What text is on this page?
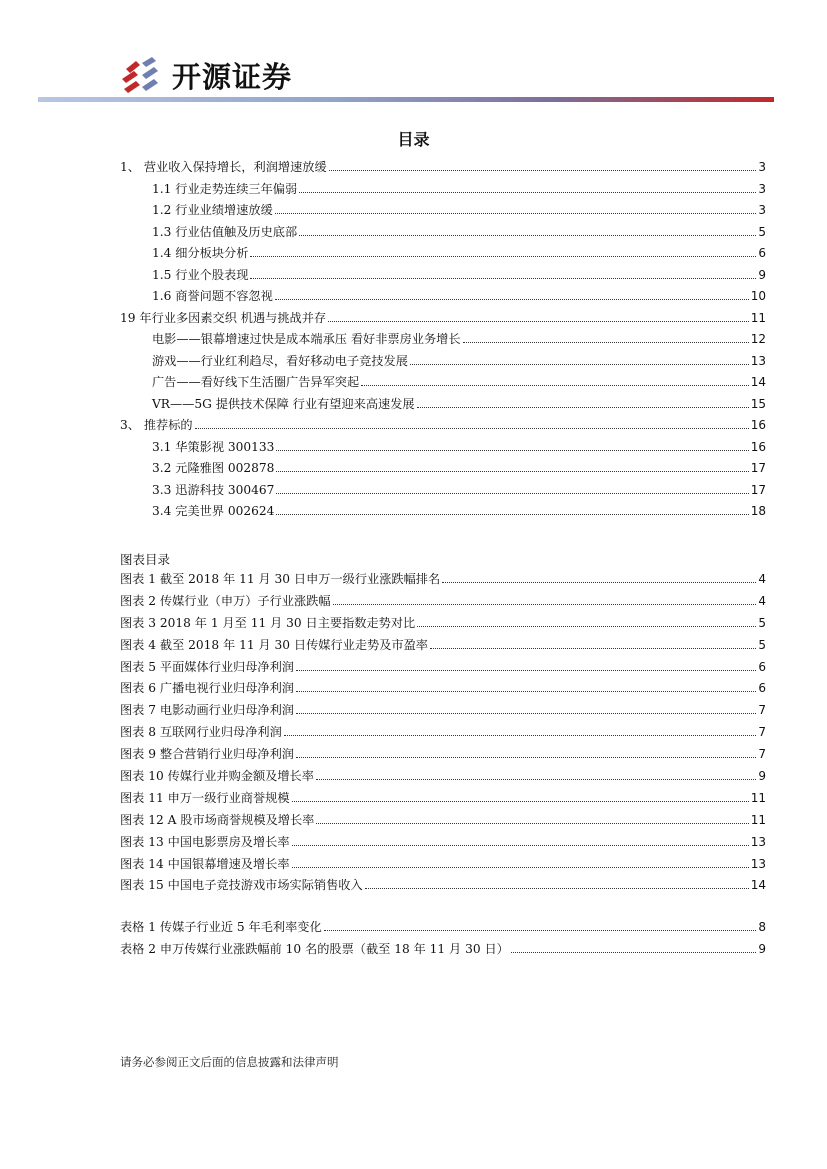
开源证券
目录
1、 营业收入保持增长，利润增速放缓	3
1.1 行业走势连续三年偏弱	3
1.2 行业业绩增速放缓	3
1.3 行业估值触及历史底部	5
1.4 细分板块分析	6
1.5 行业个股表现	9
1.6 商誉问题不容忽视	10
19 年行业多因素交织 机遇与挑战并存	11
电影——银幕增速过快是成本端承压 看好非票房业务增长	12
游戏——行业红利趋尽，看好移动电子竞技发展	13
广告——看好线下生活圈广告异军突起	14
VR——5G 提供技术保障 行业有望迎来高速发展	15
3、 推荐标的	16
3.1 华策影视 300133	16
3.2 元隆雅图 002878	17
3.3 迅游科技 300467	17
3.4 完美世界 002624	18
图表目录
图表 1 截至 2018 年 11 月 30 日申万一级行业涨跌幅排名	4
图表 2 传媒行业（申万）子行业涨跌幅	4
图表 3 2018 年 1 月至 11 月 30 日主要指数走势对比	5
图表 4 截至 2018 年 11 月 30 日传媒行业走势及市盈率	5
图表 5 平面媒体行业归母净利润	6
图表 6 广播电视行业归母净利润	6
图表 7 电影动画行业归母净利润	7
图表 8 互联网行业归母净利润	7
图表 9 整合营销行业归母净利润	7
图表 10 传媒行业并购金额及增长率	9
图表 11 申万一级行业商誉规模	11
图表 12 A 股市场商誉规模及增长率	11
图表 13 中国电影票房及增长率	13
图表 14 中国银幕增速及增长率	13
图表 15 中国电子竞技游戏市场实际销售收入	14
表格 1 传媒子行业近 5 年毛利率变化	8
表格 2 申万传媒行业涨跌幅前 10 名的股票（截至 18 年 11 月 30 日）	9
请务必参阅正文后面的信息披露和法律声明
